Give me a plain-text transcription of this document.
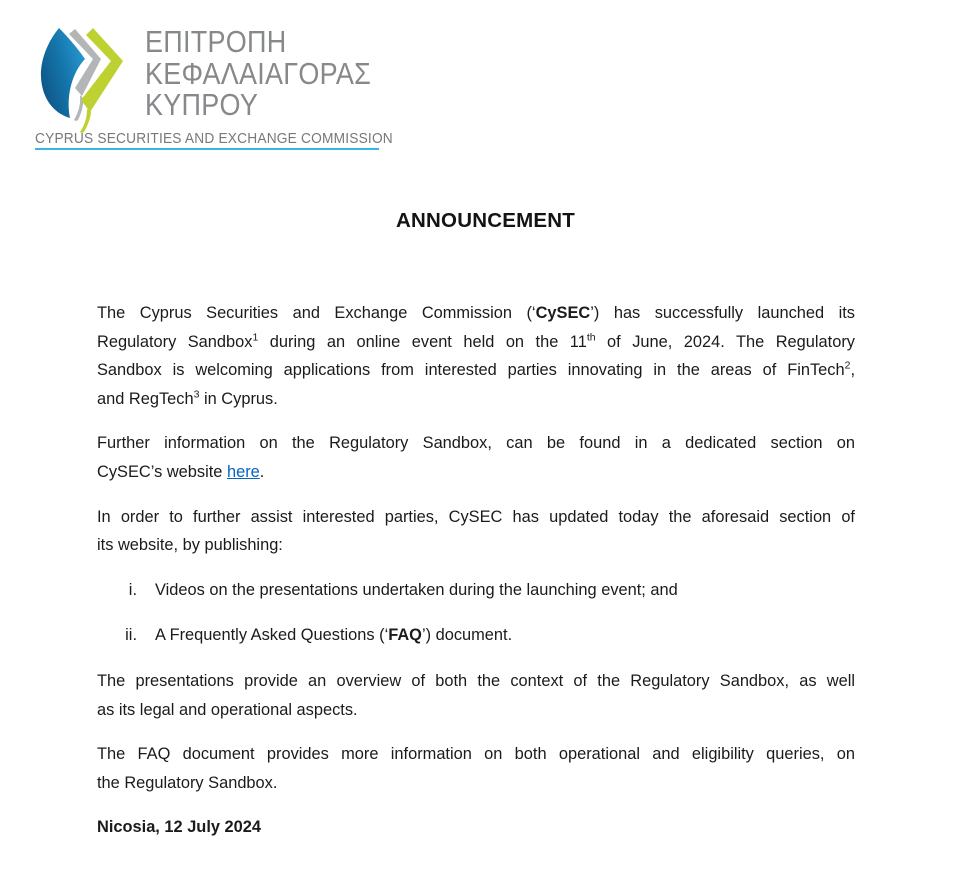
ΕΠΙΤΡΟΠΗ
ΚΕΦΑΛΑΙΑΓΟΡΑΣ
ΚΥΠΡΟΥ
CYPRUS SECURITIES AND EXCHANGE COMMISSION
ANNOUNCEMENT
The Cyprus Securities and Exchange Commission (‘CySEC’) has successfully launched its
Regulatory Sandbox$^1$ during an online event held on the 11th of June, 2024. The Regulatory
Sandbox is welcoming applications from interested parties innovating in the areas of FinTech$^2$,
and RegTech$^3$ in Cyprus.
Further information on the Regulatory Sandbox, can be found in a dedicated section on
CySEC’s website here.
In order to further assist interested parties, CySEC has updated today the aforesaid section of
its website, by publishing:
i. Videos on the presentations undertaken during the launching event; and
ii. A Frequently Asked Questions (‘FAQ’) document.
The presentations provide an overview of both the context of the Regulatory Sandbox, as well
as its legal and operational aspects.
The FAQ document provides more information on both operational and eligibility queries, on
the Regulatory Sandbox.

Nicosia, 12 July 2024
